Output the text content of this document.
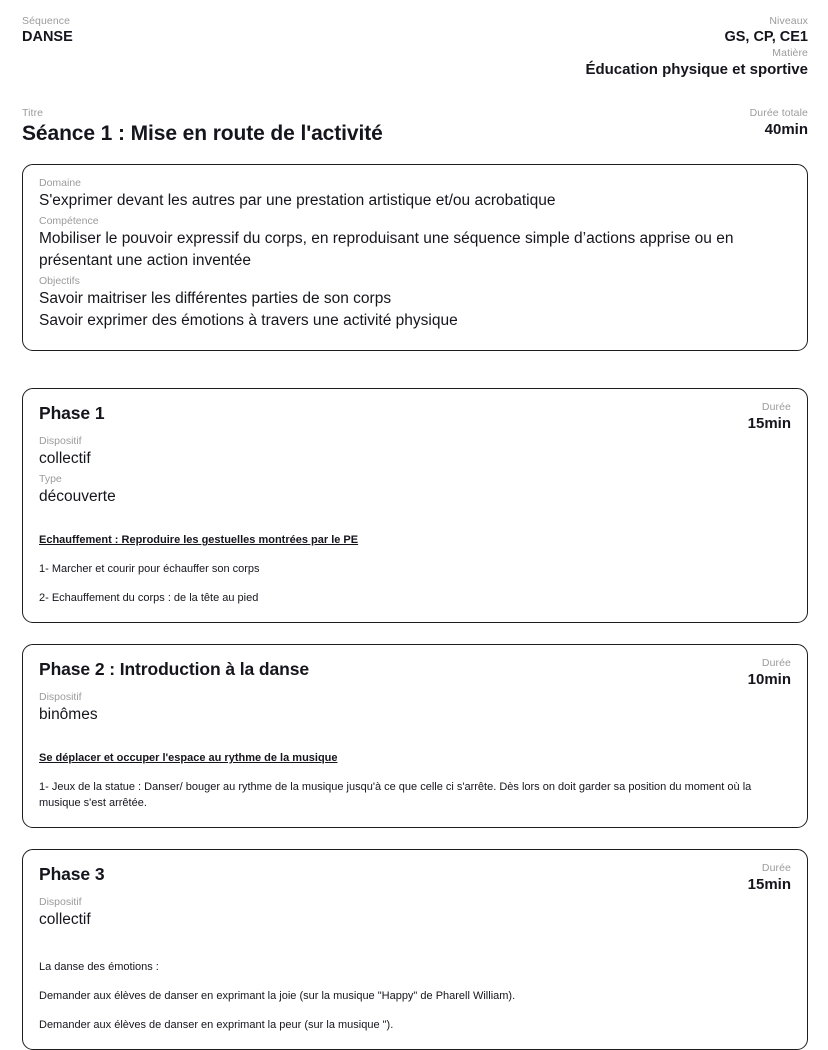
Séquence
DANSE
Niveaux
GS, CP, CE1
Matière
Éducation physique et sportive
Titre
Séance 1 : Mise en route de l'activité
Durée totale
40min
Domaine
S'exprimer devant les autres par une prestation artistique et/ou acrobatique
Compétence
Mobiliser le pouvoir expressif du corps, en reproduisant une séquence simple d’actions apprise ou en présentant une action inventée
Objectifs
Savoir maitriser les différentes parties de son corps
Savoir exprimer des émotions à travers une activité physique
Phase 1	Durée
15min
Dispositif
collectif
Type
découverte
Echauffement : Reproduire les gestuelles montrées par le PE
1- Marcher et courir pour échauffer son corps
2- Echauffement du corps : de la tête au pied
Phase 2 : Introduction à la danse	Durée
10min
Dispositif
binômes
Se déplacer et occuper l'espace au rythme de la musique
1- Jeux de la statue : Danser/ bouger au rythme de la musique jusqu'à ce que celle ci s'arrête. Dès lors on doit garder sa position du moment où la musique s'est arrêtée.
Phase 3	Durée
15min
Dispositif
collectif
La danse des émotions :
Demander aux élèves de danser en exprimant la joie (sur la musique "Happy" de Pharell William).
Demander aux élèves de danser en exprimant la peur (sur la musique ").
